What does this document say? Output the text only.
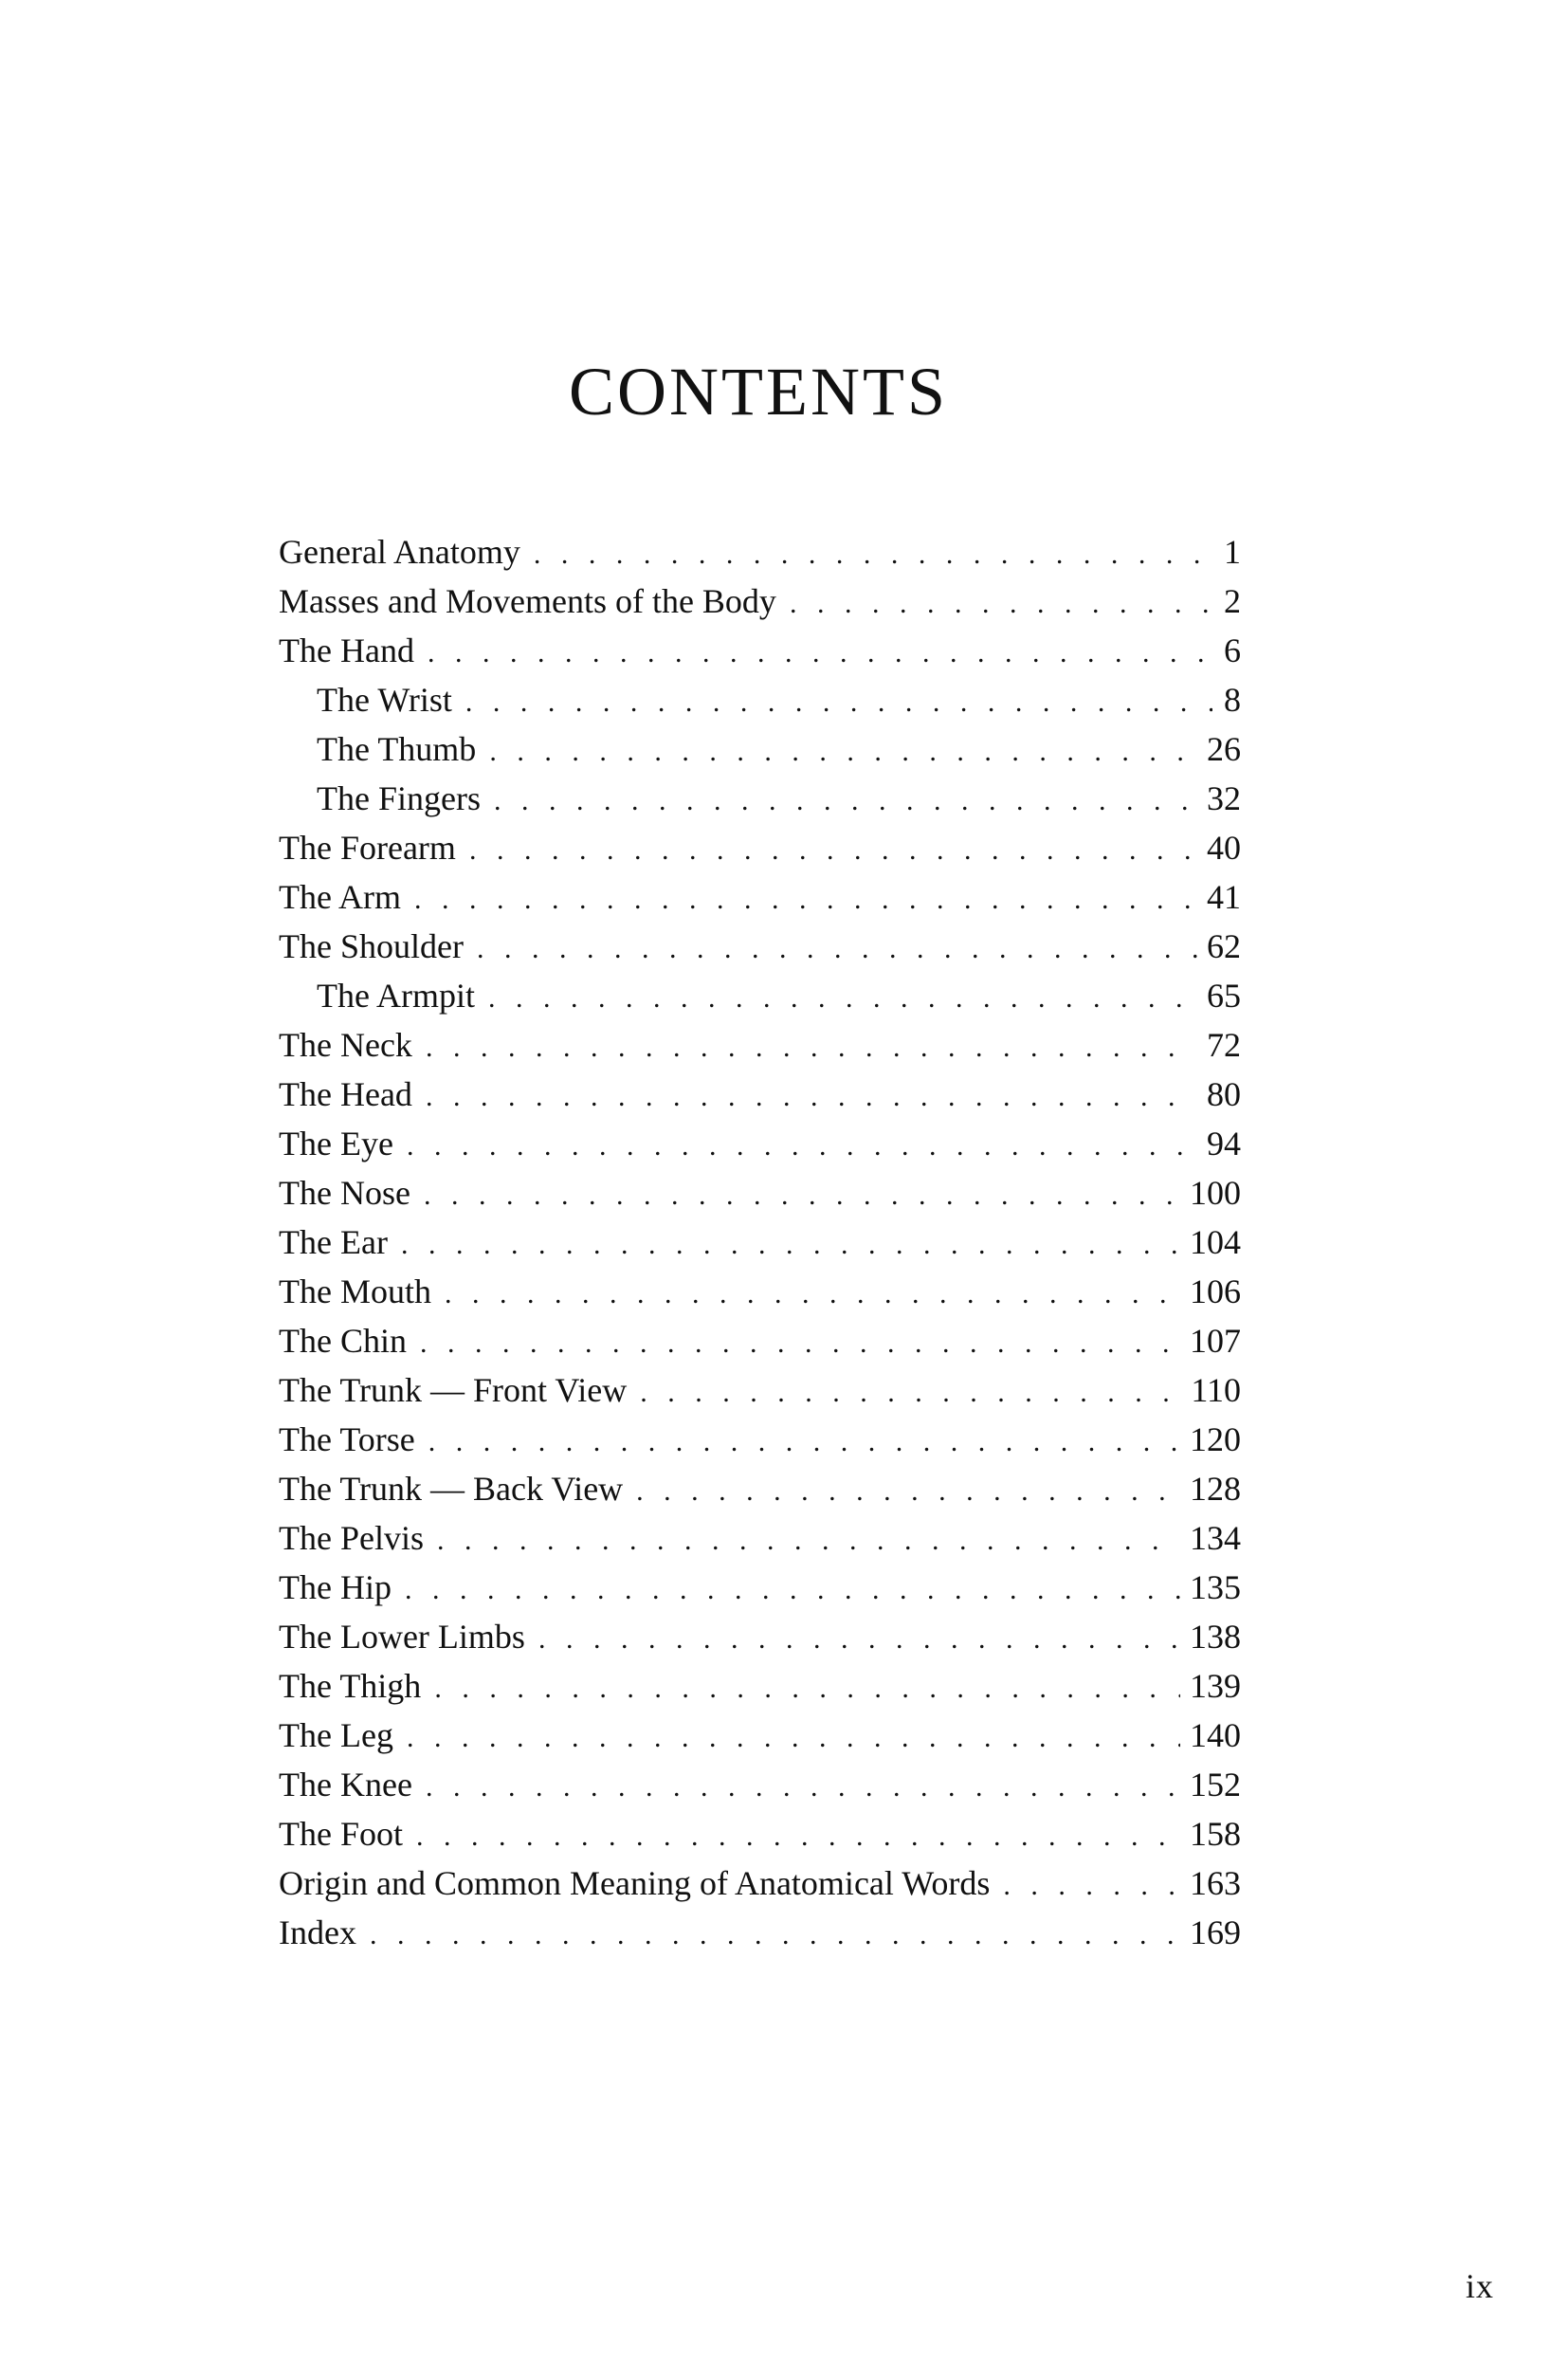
CONTENTS
General Anatomy . . .	1
Masses and Movements of the Body . . .	2
The Hand . . .	6
The Wrist . . .	8
The Thumb . . .	26
The Fingers . . .	32
The Forearm . . .	40
The Arm . . .	41
The Shoulder . . .	62
The Armpit . . .	65
The Neck . . .	72
The Head . . .	80
The Eye . . .	94
The Nose . . .	100
The Ear . . .	104
The Mouth . . .	106
The Chin . . .	107
The Trunk — Front View . . .	110
The Torse . . .	120
The Trunk — Back View . . .	128
The Pelvis . . .	134
The Hip . . .	135
The Lower Limbs . . .	138
The Thigh . . .	139
The Leg . . .	140
The Knee . . .	152
The Foot . . .	158
Origin and Common Meaning of Anatomical Words . . .	163
Index . . .	169
ix
